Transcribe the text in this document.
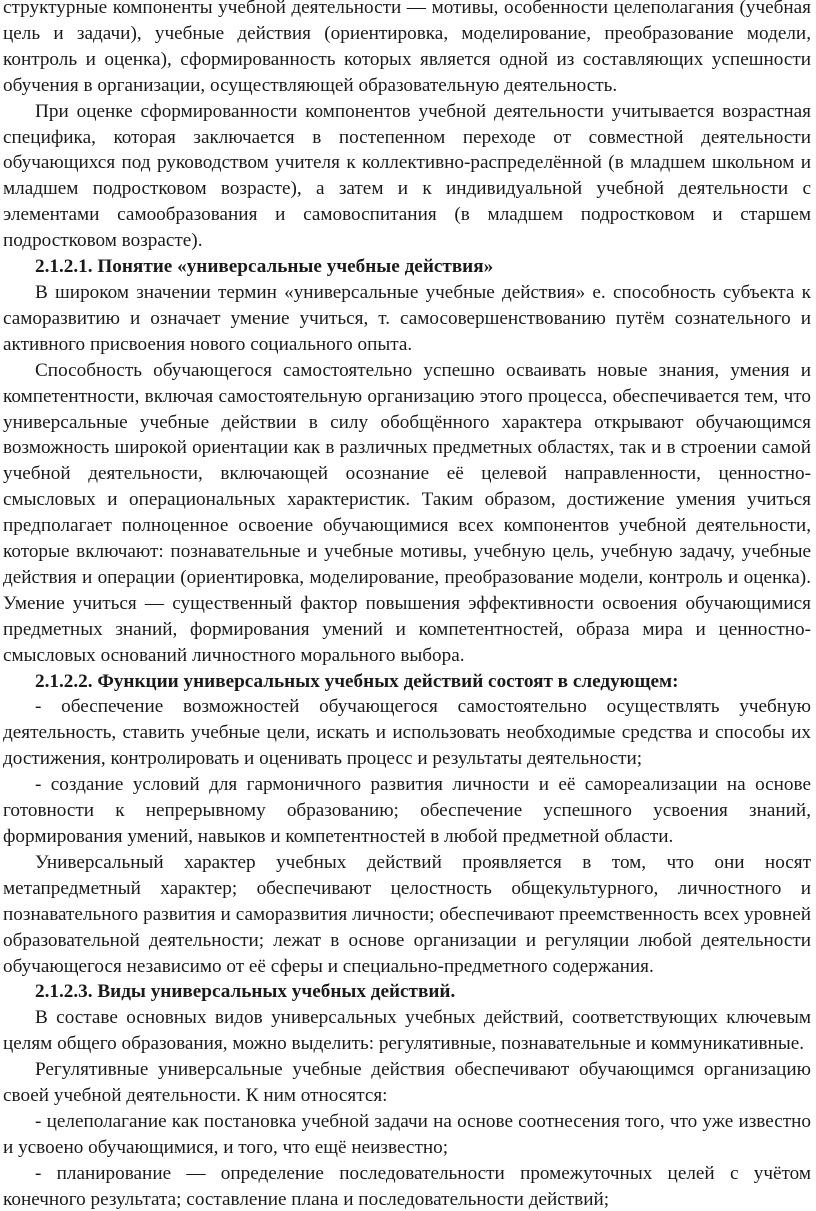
структурные компоненты учебной деятельности — мотивы, особенности целеполагания (учебная цель и задачи), учебные действия (ориентировка, моделирование, преобразование модели, контроль и оценка), сформированность которых является одной из составляющих успешности обучения в организации, осуществляющей образовательную деятельность.

При оценке сформированности компонентов учебной деятельности учитывается возрастная специфика, которая заключается в постепенном переходе от совместной деятельности обучающихся под руководством учителя к коллективно-распределённой (в младшем школьном и младшем подростковом возрасте), а затем и к индивидуальной учебной деятельности с элементами самообразования и самовоспитания (в младшем подростковом и старшем подростковом возрасте).

2.1.2.1. Понятие «универсальные учебные действия»

В широком значении термин «универсальные учебные действия» е. способность субъекта к саморазвитию и означает умение учиться, т. самосовершенствованию путём сознательного и активного присвоения нового социального опыта.

Способность обучающегося самостоятельно успешно осваивать новые знания, умения и компетентности, включая самостоятельную организацию этого процесса, обеспечивается тем, что универсальные учебные действии в силу обобщённого характера открывают обучающимся возможность широкой ориентации как в различных предметных областях, так и в строении самой учебной деятельности, включающей осознание её целевой направленности, ценностно-смысловых и операциональных характеристик. Таким образом, достижение умения учиться предполагает полноценное освоение обучающимися всех компонентов учебной деятельности, которые включают: познавательные и учебные мотивы, учебную цель, учебную задачу, учебные действия и операции (ориентировка, моделирование, преобразование модели, контроль и оценка). Умение учиться — существенный фактор повышения эффективности освоения обучающимися предметных знаний, формирования умений и компетентностей, образа мира и ценностно-смысловых оснований личностного морального выбора.

2.1.2.2. Функции универсальных учебных действий состоят в следующем:

- обеспечение возможностей обучающегося самостоятельно осуществлять учебную деятельность, ставить учебные цели, искать и использовать необходимые средства и способы их достижения, контролировать и оценивать процесс и результаты деятельности;

- создание условий для гармоничного развития личности и её самореализации на основе готовности к непрерывному образованию; обеспечение успешного усвоения знаний, формирования умений, навыков и компетентностей в любой предметной области.

Универсальный характер учебных действий проявляется в том, что они носят метапредметный характер; обеспечивают целостность общекультурного, личностного и познавательного развития и саморазвития личности; обеспечивают преемственность всех уровней образовательной деятельности; лежат в основе организации и регуляции любой деятельности обучающегося независимо от её сферы и специально-предметного содержания.

2.1.2.3. Виды универсальных учебных действий.

В составе основных видов универсальных учебных действий, соответствующих ключевым целям общего образования, можно выделить: регулятивные, познавательные и коммуникативные.

Регулятивные универсальные учебные действия обеспечивают обучающимся организацию своей учебной деятельности. К ним относятся:

- целеполагание как постановка учебной задачи на основе соотнесения того, что уже известно и усвоено обучающимися, и того, что ещё неизвестно;

- планирование — определение последовательности промежуточных целей с учётом конечного результата; составление плана и последовательности действий;
